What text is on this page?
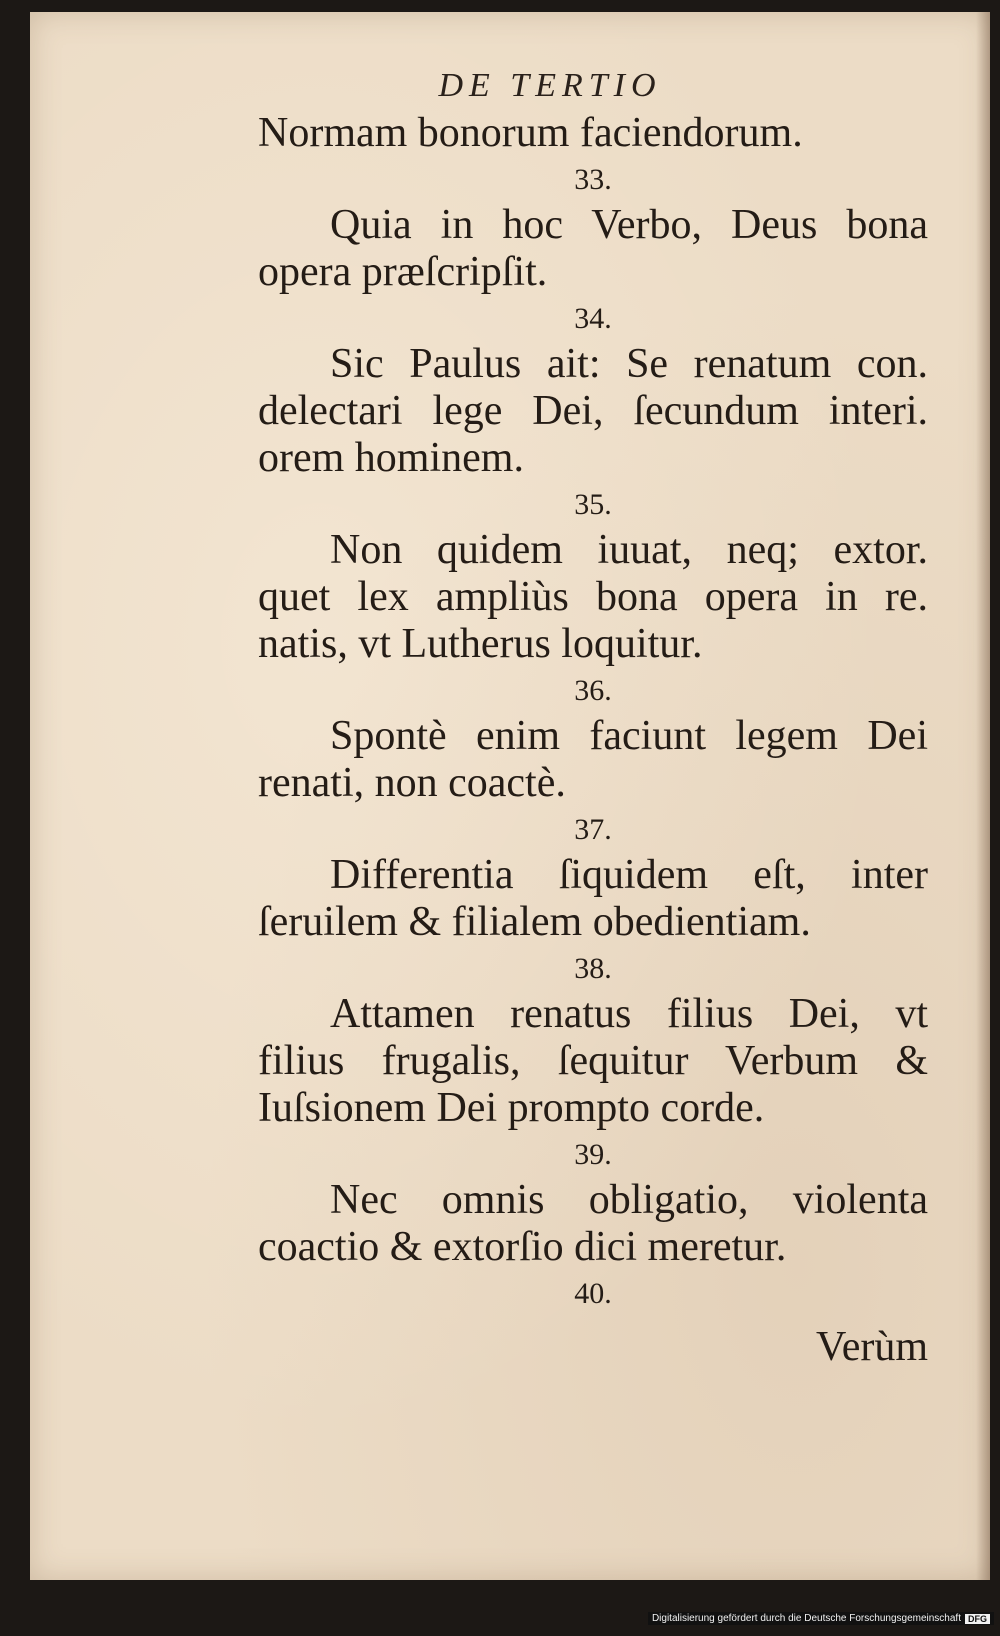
DE TERTIO
Normam bonorum faciendorum.
33.
Quia in hoc Verbo, Deus bona
opera præſcripſit.
34.
Sic Paulus ait: Se renatum con.
delectari lege Dei, ſecundum interi.
orem hominem.
35.
Non quidem iuuat, neq; extor.
quet lex ampliùs bona opera in re.
natis, vt Lutherus loquitur.
36.
Spontè enim faciunt legem Dei
renati, non coactè.
37.
Differentia ſiquidem eſt, inter
ſeruilem & filialem obedientiam.
38.
Attamen renatus filius Dei, vt
filius frugalis, ſequitur Verbum &
Iuſsionem Dei prompto corde.
39.
Nec omnis obligatio, violenta
coactio & extorſio dici meretur.
40.
Verùm
Digitalisierung gefördert durch die Deutsche Forschungsgemeinschaft DFG
